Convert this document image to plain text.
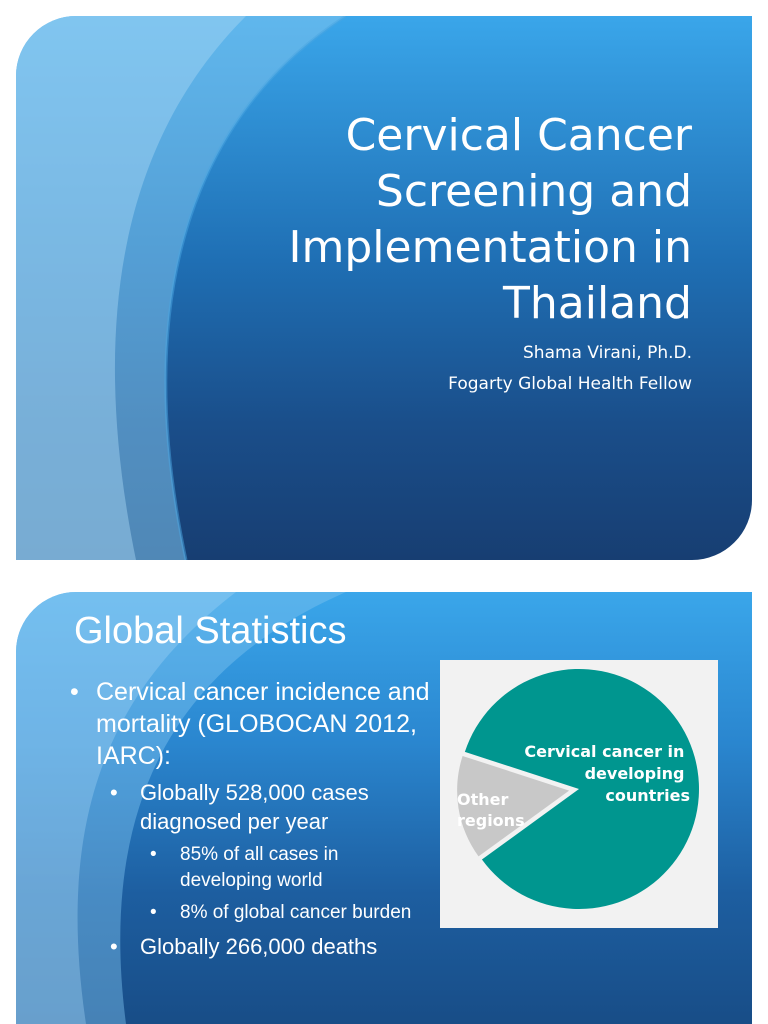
Cervical Cancer
Screening and
Implementation in
Thailand
Shama Virani, Ph.D.
Fogarty Global Health Fellow
Global Statistics
• Cervical cancer incidence and mortality (GLOBOCAN 2012, IARC):
• Globally 528,000 cases diagnosed per year
• 85% of all cases in developing world
• 8% of global cancer burden
• Globally 266,000 deaths
Cervical cancer in developing countries
Other regions
